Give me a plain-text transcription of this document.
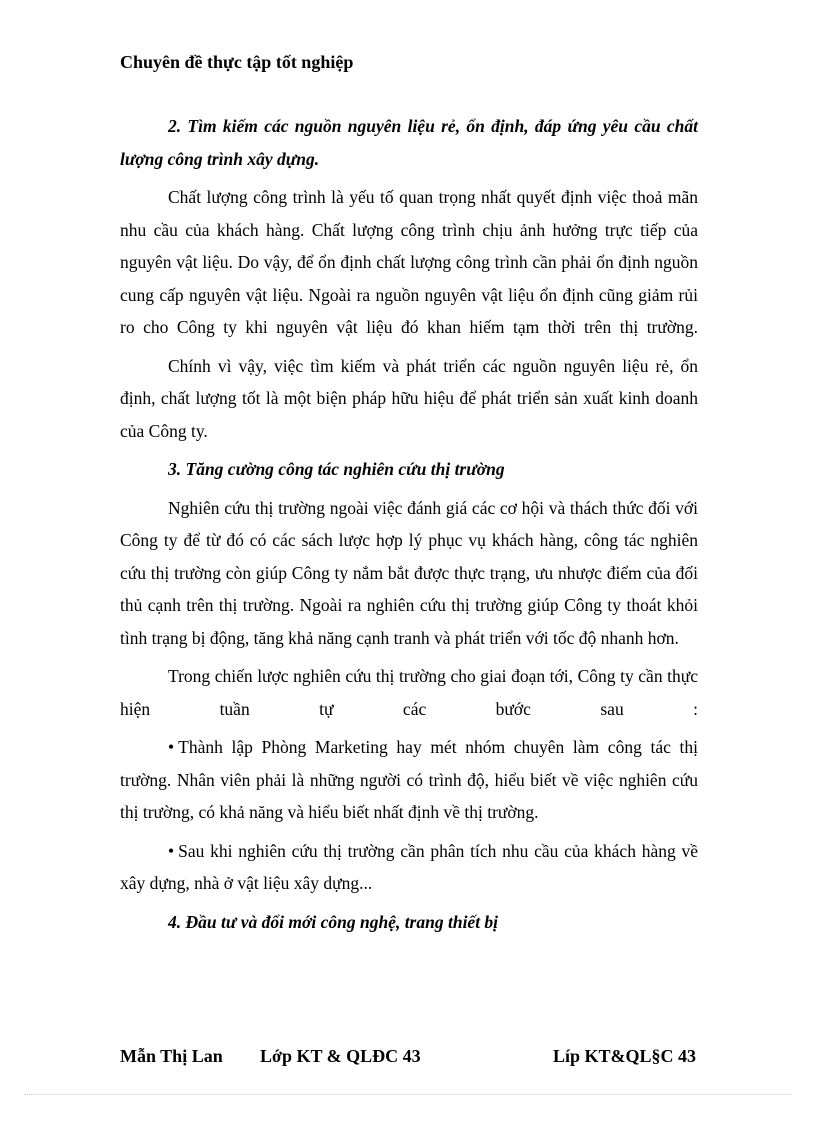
Chuyên đề thực tập tốt nghiệp

2. Tìm kiếm các nguồn nguyên liệu rẻ, ổn định, đáp ứng yêu cầu chất lượng công trình xây dựng.

Chất lượng công trình là yếu tố quan trọng nhất quyết định việc thoả mãn nhu cầu của khách hàng. Chất lượng công trình chịu ảnh hưởng trực tiếp của nguyên vật liệu. Do vậy, để ổn định chất lượng công trình cần phải ổn định nguồn cung cấp nguyên vật liệu. Ngoài ra nguồn nguyên vật liệu ổn định cũng giảm rủi ro cho Công ty khi nguyên vật liệu đó khan hiếm tạm thời trên thị trường.

Chính vì vậy, việc tìm kiếm và phát triển các nguồn nguyên liệu rẻ, ổn định, chất lượng tốt là một biện pháp hữu hiệu để phát triển sản xuất kinh doanh của Công ty.

3. Tăng cường công tác nghiên cứu thị trường

Nghiên cứu thị trường ngoài việc đánh giá các cơ hội và thách thức đối với Công ty để từ đó có các sách lược hợp lý phục vụ khách hàng, công tác nghiên cứu thị trường còn giúp Công ty nắm bắt được thực trạng, ưu nhược điểm của đối thủ cạnh trên thị trường. Ngoài ra nghiên cứu thị trường giúp Công ty thoát khỏi tình trạng bị động, tăng khả năng cạnh tranh và phát triển với tốc độ nhanh hơn.

Trong chiến lược nghiên cứu thị trường cho giai đoạn tới, Công ty cần thực hiện tuần tự các bước sau :

• Thành lập Phòng Marketing hay mét nhóm chuyên làm công tác thị trường. Nhân viên phải là những người có trình độ, hiểu biết về việc nghiên cứu thị trường, có khả năng và hiểu biết nhất định về thị trường.

• Sau khi nghiên cứu thị trường cần phân tích nhu cầu của khách hàng về xây dựng, nhà ở vật liệu xây dựng...

4. Đầu tư và đổi mới công nghệ, trang thiết bị

Mẫn Thị Lan Lớp KT & QLĐC 43	Líp KT&QL§C 43
